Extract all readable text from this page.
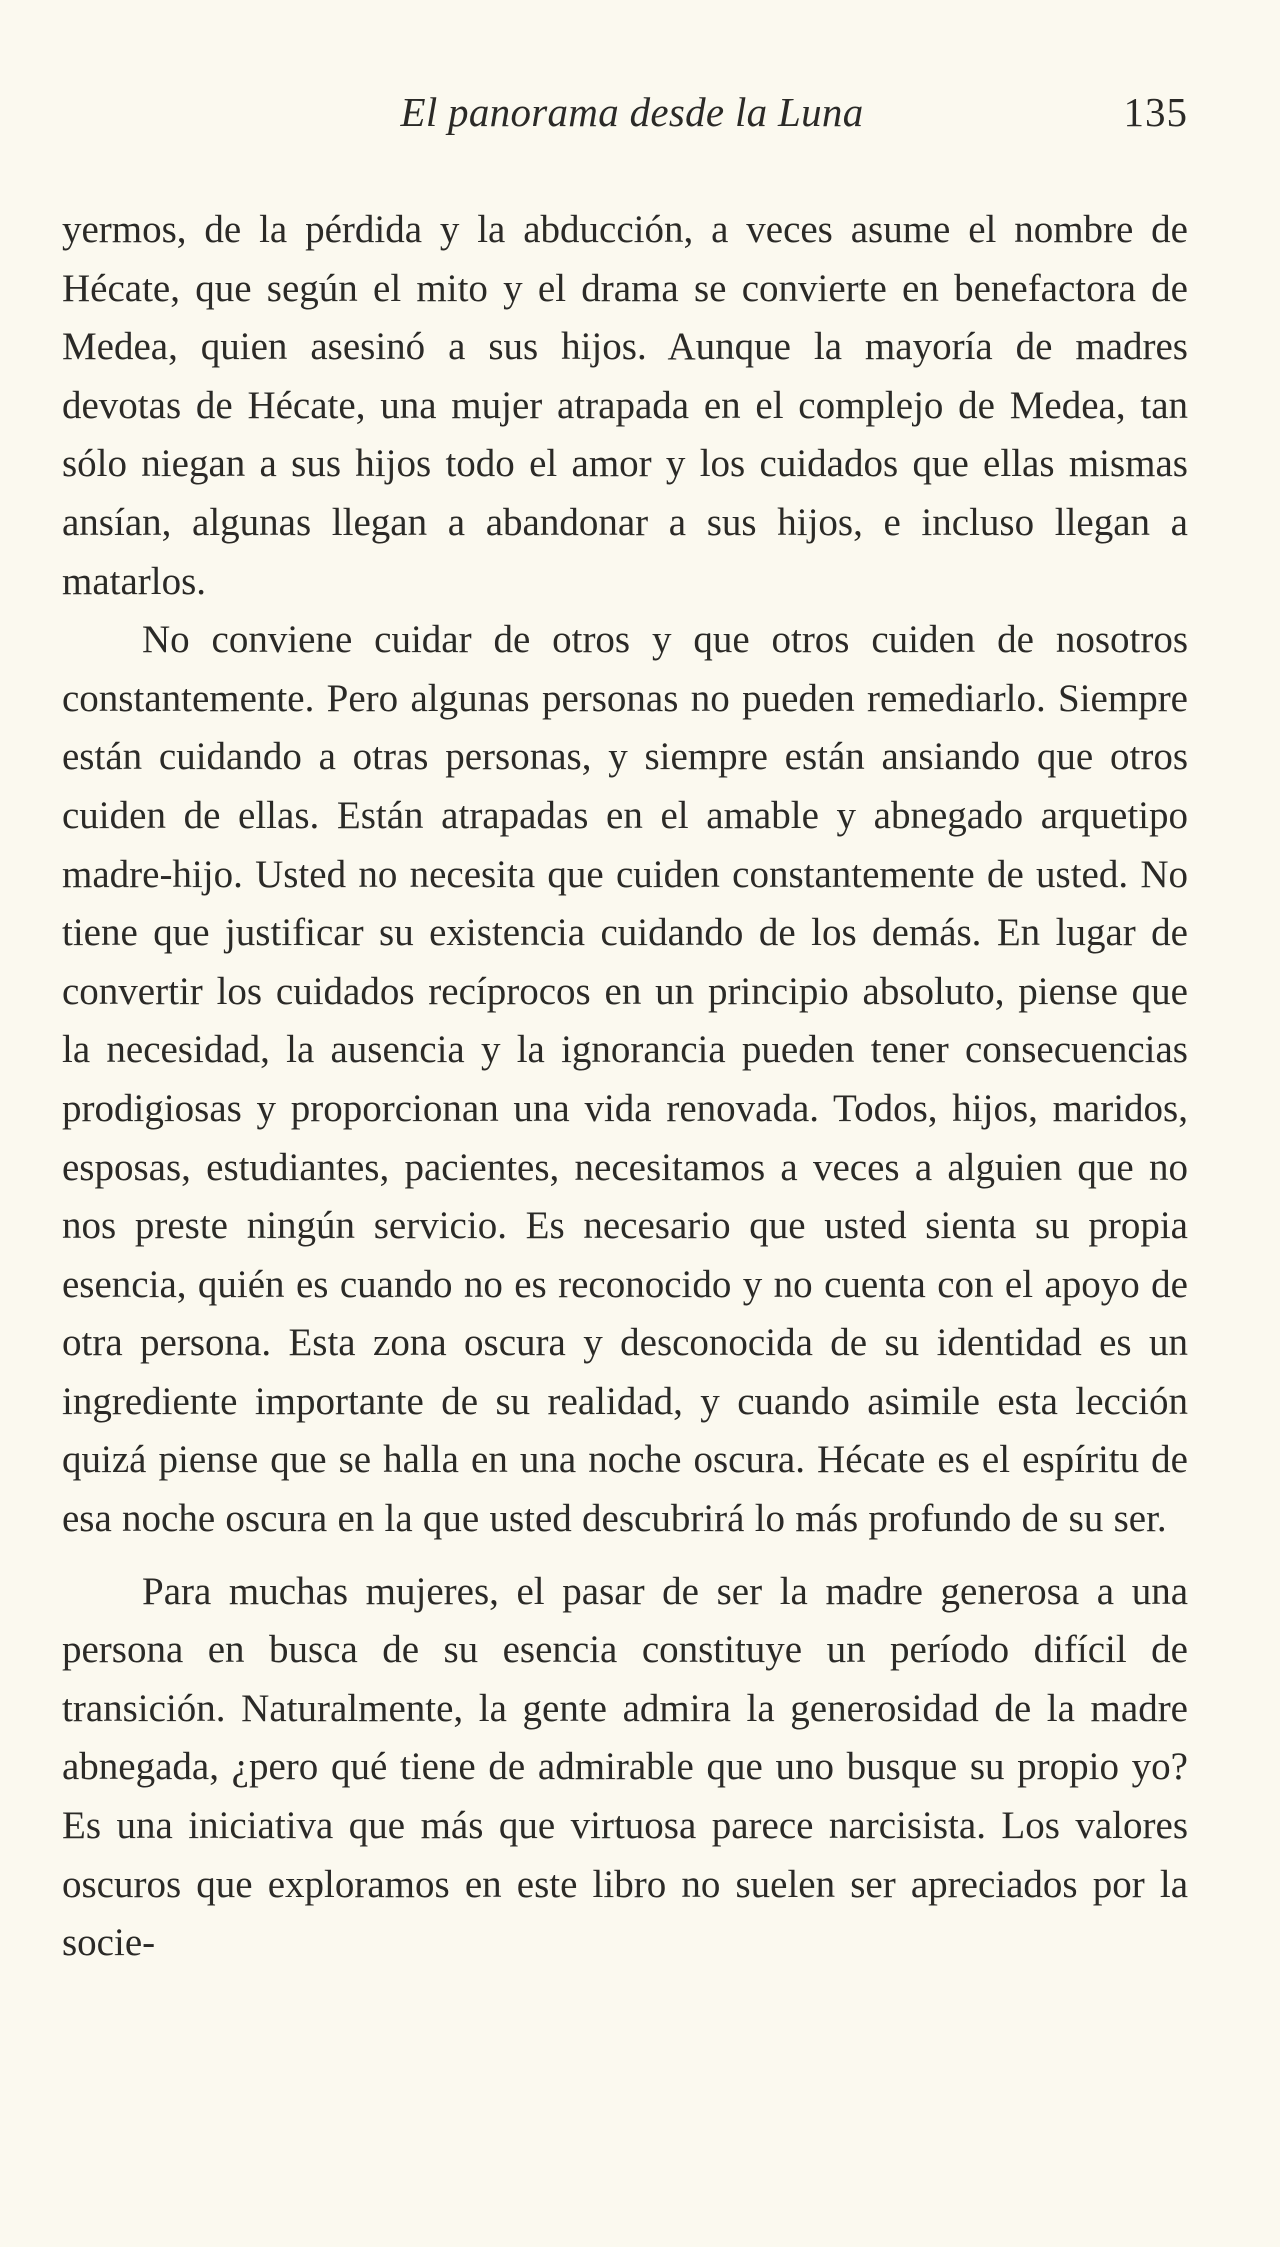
El panorama desde la Luna	135

yermos, de la pérdida y la abducción, a veces asume el nombre de Hécate, que según el mito y el drama se convierte en benefactora de Medea, quien asesinó a sus hijos. Aunque la mayoría de madres devotas de Hécate, una mujer atrapada en el complejo de Medea, tan sólo niegan a sus hijos todo el amor y los cuidados que ellas mismas ansían, algunas llegan a abandonar a sus hijos, e incluso llegan a matarlos.

No conviene cuidar de otros y que otros cuiden de nosotros constantemente. Pero algunas personas no pueden remediarlo. Siempre están cuidando a otras personas, y siempre están ansiando que otros cuiden de ellas. Están atrapadas en el amable y abnegado arquetipo madre-hijo. Usted no necesita que cuiden constantemente de usted. No tiene que justificar su existencia cuidando de los demás. En lugar de convertir los cuidados recíprocos en un principio absoluto, piense que la necesidad, la ausencia y la ignorancia pueden tener consecuencias prodigiosas y proporcionan una vida renovada. Todos, hijos, maridos, esposas, estudiantes, pacientes, necesitamos a veces a alguien que no nos preste ningún servicio. Es necesario que usted sienta su propia esencia, quién es cuando no es reconocido y no cuenta con el apoyo de otra persona. Esta zona oscura y desconocida de su identidad es un ingrediente importante de su realidad, y cuando asimile esta lección quizá piense que se halla en una noche oscura. Hécate es el espíritu de esa noche oscura en la que usted descubrirá lo más profundo de su ser.

Para muchas mujeres, el pasar de ser la madre generosa a una persona en busca de su esencia constituye un período difícil de transición. Naturalmente, la gente admira la generosidad de la madre abnegada, ¿pero qué tiene de admirable que uno busque su propio yo? Es una iniciativa que más que virtuosa parece narcisista. Los valores oscuros que exploramos en este libro no suelen ser apreciados por la socie-
